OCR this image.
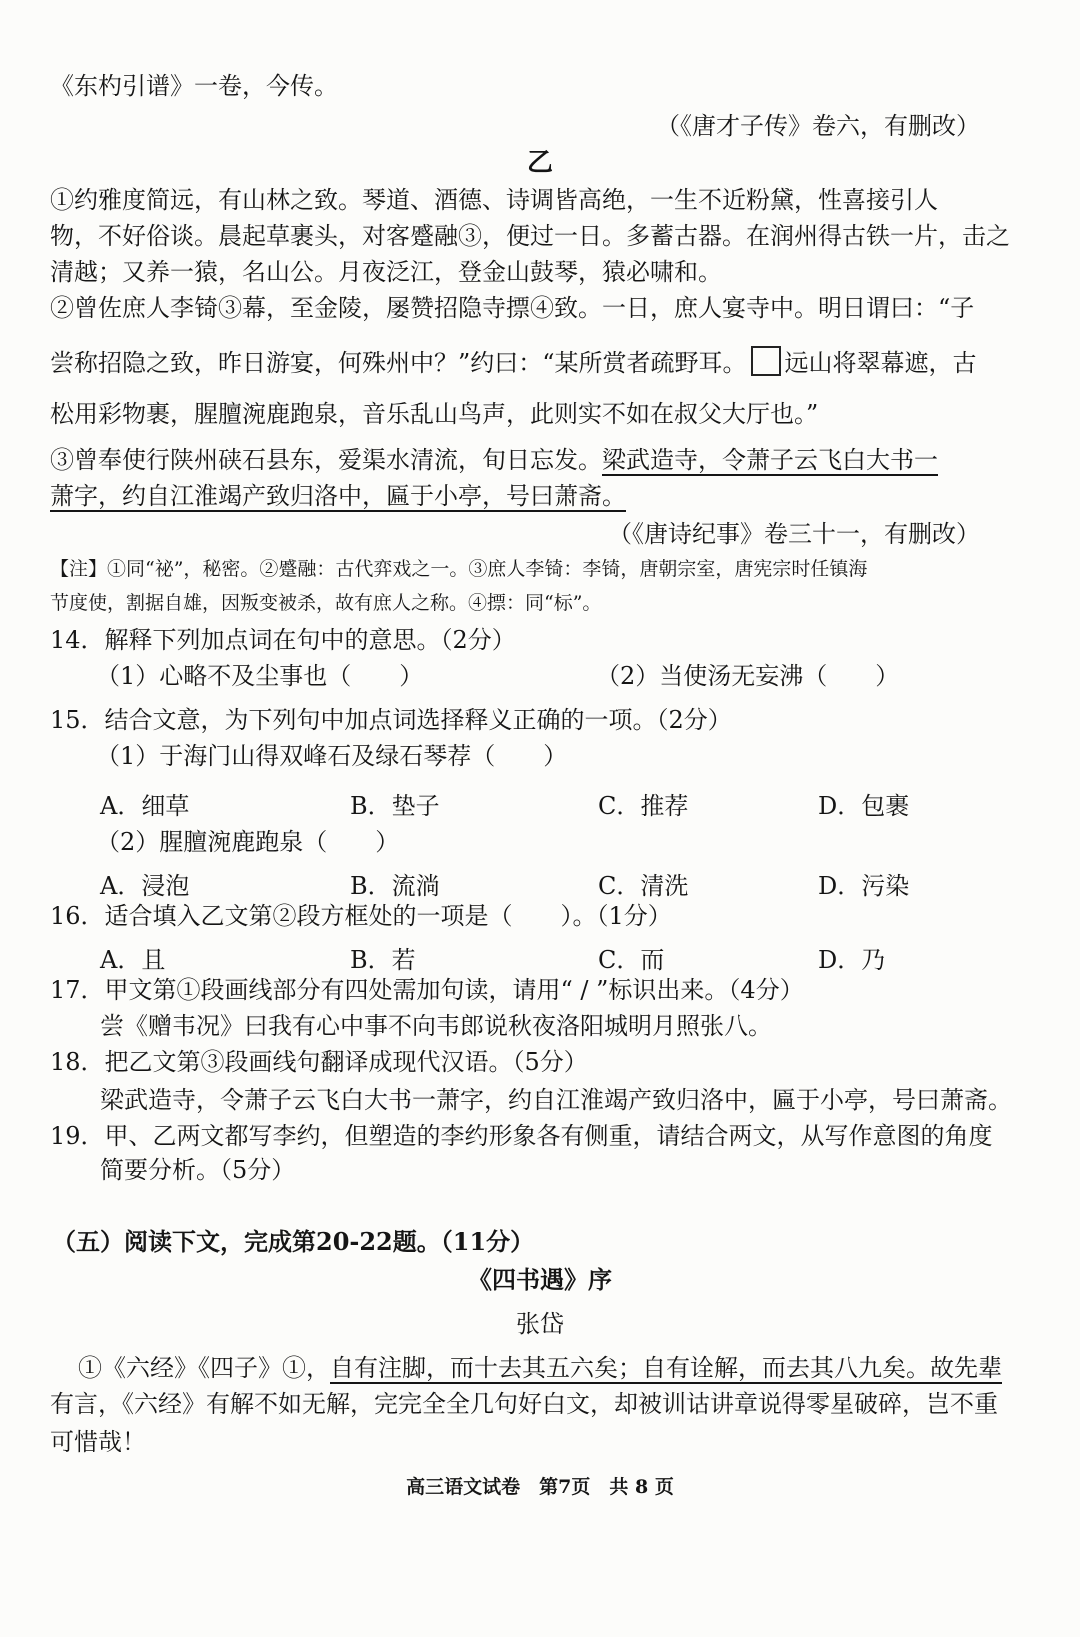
《东杓引谱》一卷，今传。
（《唐才子传》卷六，有删改）
乙
①约雅度简远，有山林之致。琴道、酒德、诗调皆高绝，一生不近粉黛，性喜接引人
物，不好俗谈。晨起草裹头，对客蹙融③，便过一日。多蓄古器。在润州得古铁一片，击之
清越；又养一猿，名山公。月夜泛江，登金山鼓琴，猿必啸和。
②曾佐庶人李锜③幕，至金陵，屡赞招隐寺摽④致。一日，庶人宴寺中。明日谓曰：“子
尝称招隐之致，昨日游宴，何殊州中？”约曰：“某所赏者疏野耳。 远山将翠幕遮，古
松用彩物裹，腥膻涴鹿跑泉，音乐乱山鸟声，此则实不如在叔父大厅也。”
③曾奉使行陕州硖石县东，爱渠水清流，旬日忘发。梁武造寺，令萧子云飞白大书一
萧字，约自江淮竭产致归洛中，匾于小亭，号曰萧斋。
（《唐诗纪事》卷三十一，有删改）
【注】①同“祕”，秘密。②蹙融：古代弈戏之一。③庶人李锜：李锜，唐朝宗室，唐宪宗时任镇海
节度使，割据自雄，因叛变被杀，故有庶人之称。④摽：同“标”。
14．解释下列加点词在句中的意思。（2分）
（1）心略不及尘事也（　　）	（2）当使汤无妄沸（　　）
15．结合文意，为下列句中加点词选择释义正确的一项。（2分）
（1）于海门山得双峰石及绿石琴荐（　　）
A．细草	B．垫子	C．推荐	D．包裹
（2）腥膻涴鹿跑泉（　　）
A．浸泡	B．流淌	C．清洗	D．污染
16．适合填入乙文第②段方框处的一项是（　　）。（1分）
A．且	B．若	C．而	D．乃
17．甲文第①段画线部分有四处需加句读，请用“ / ”标识出来。（4分）
尝《赠韦况》曰我有心中事不向韦郎说秋夜洛阳城明月照张八。
18．把乙文第③段画线句翻译成现代汉语。（5分）
梁武造寺，令萧子云飞白大书一萧字，约自江淮竭产致归洛中，匾于小亭，号曰萧斋。
19．甲、乙两文都写李约，但塑造的李约形象各有侧重，请结合两文，从写作意图的角度
简要分析。（5分）
（五）阅读下文，完成第20-22题。（11分）
《四书遇》序
张岱
①《六经》《四子》①，自有注脚，而十去其五六矣；自有诠解，而去其八九矣。故先辈
有言，《六经》有解不如无解，完完全全几句好白文，却被训诂讲章说得零星破碎，岂不重
可惜哉！
高三语文试卷　第7页　共 8 页
